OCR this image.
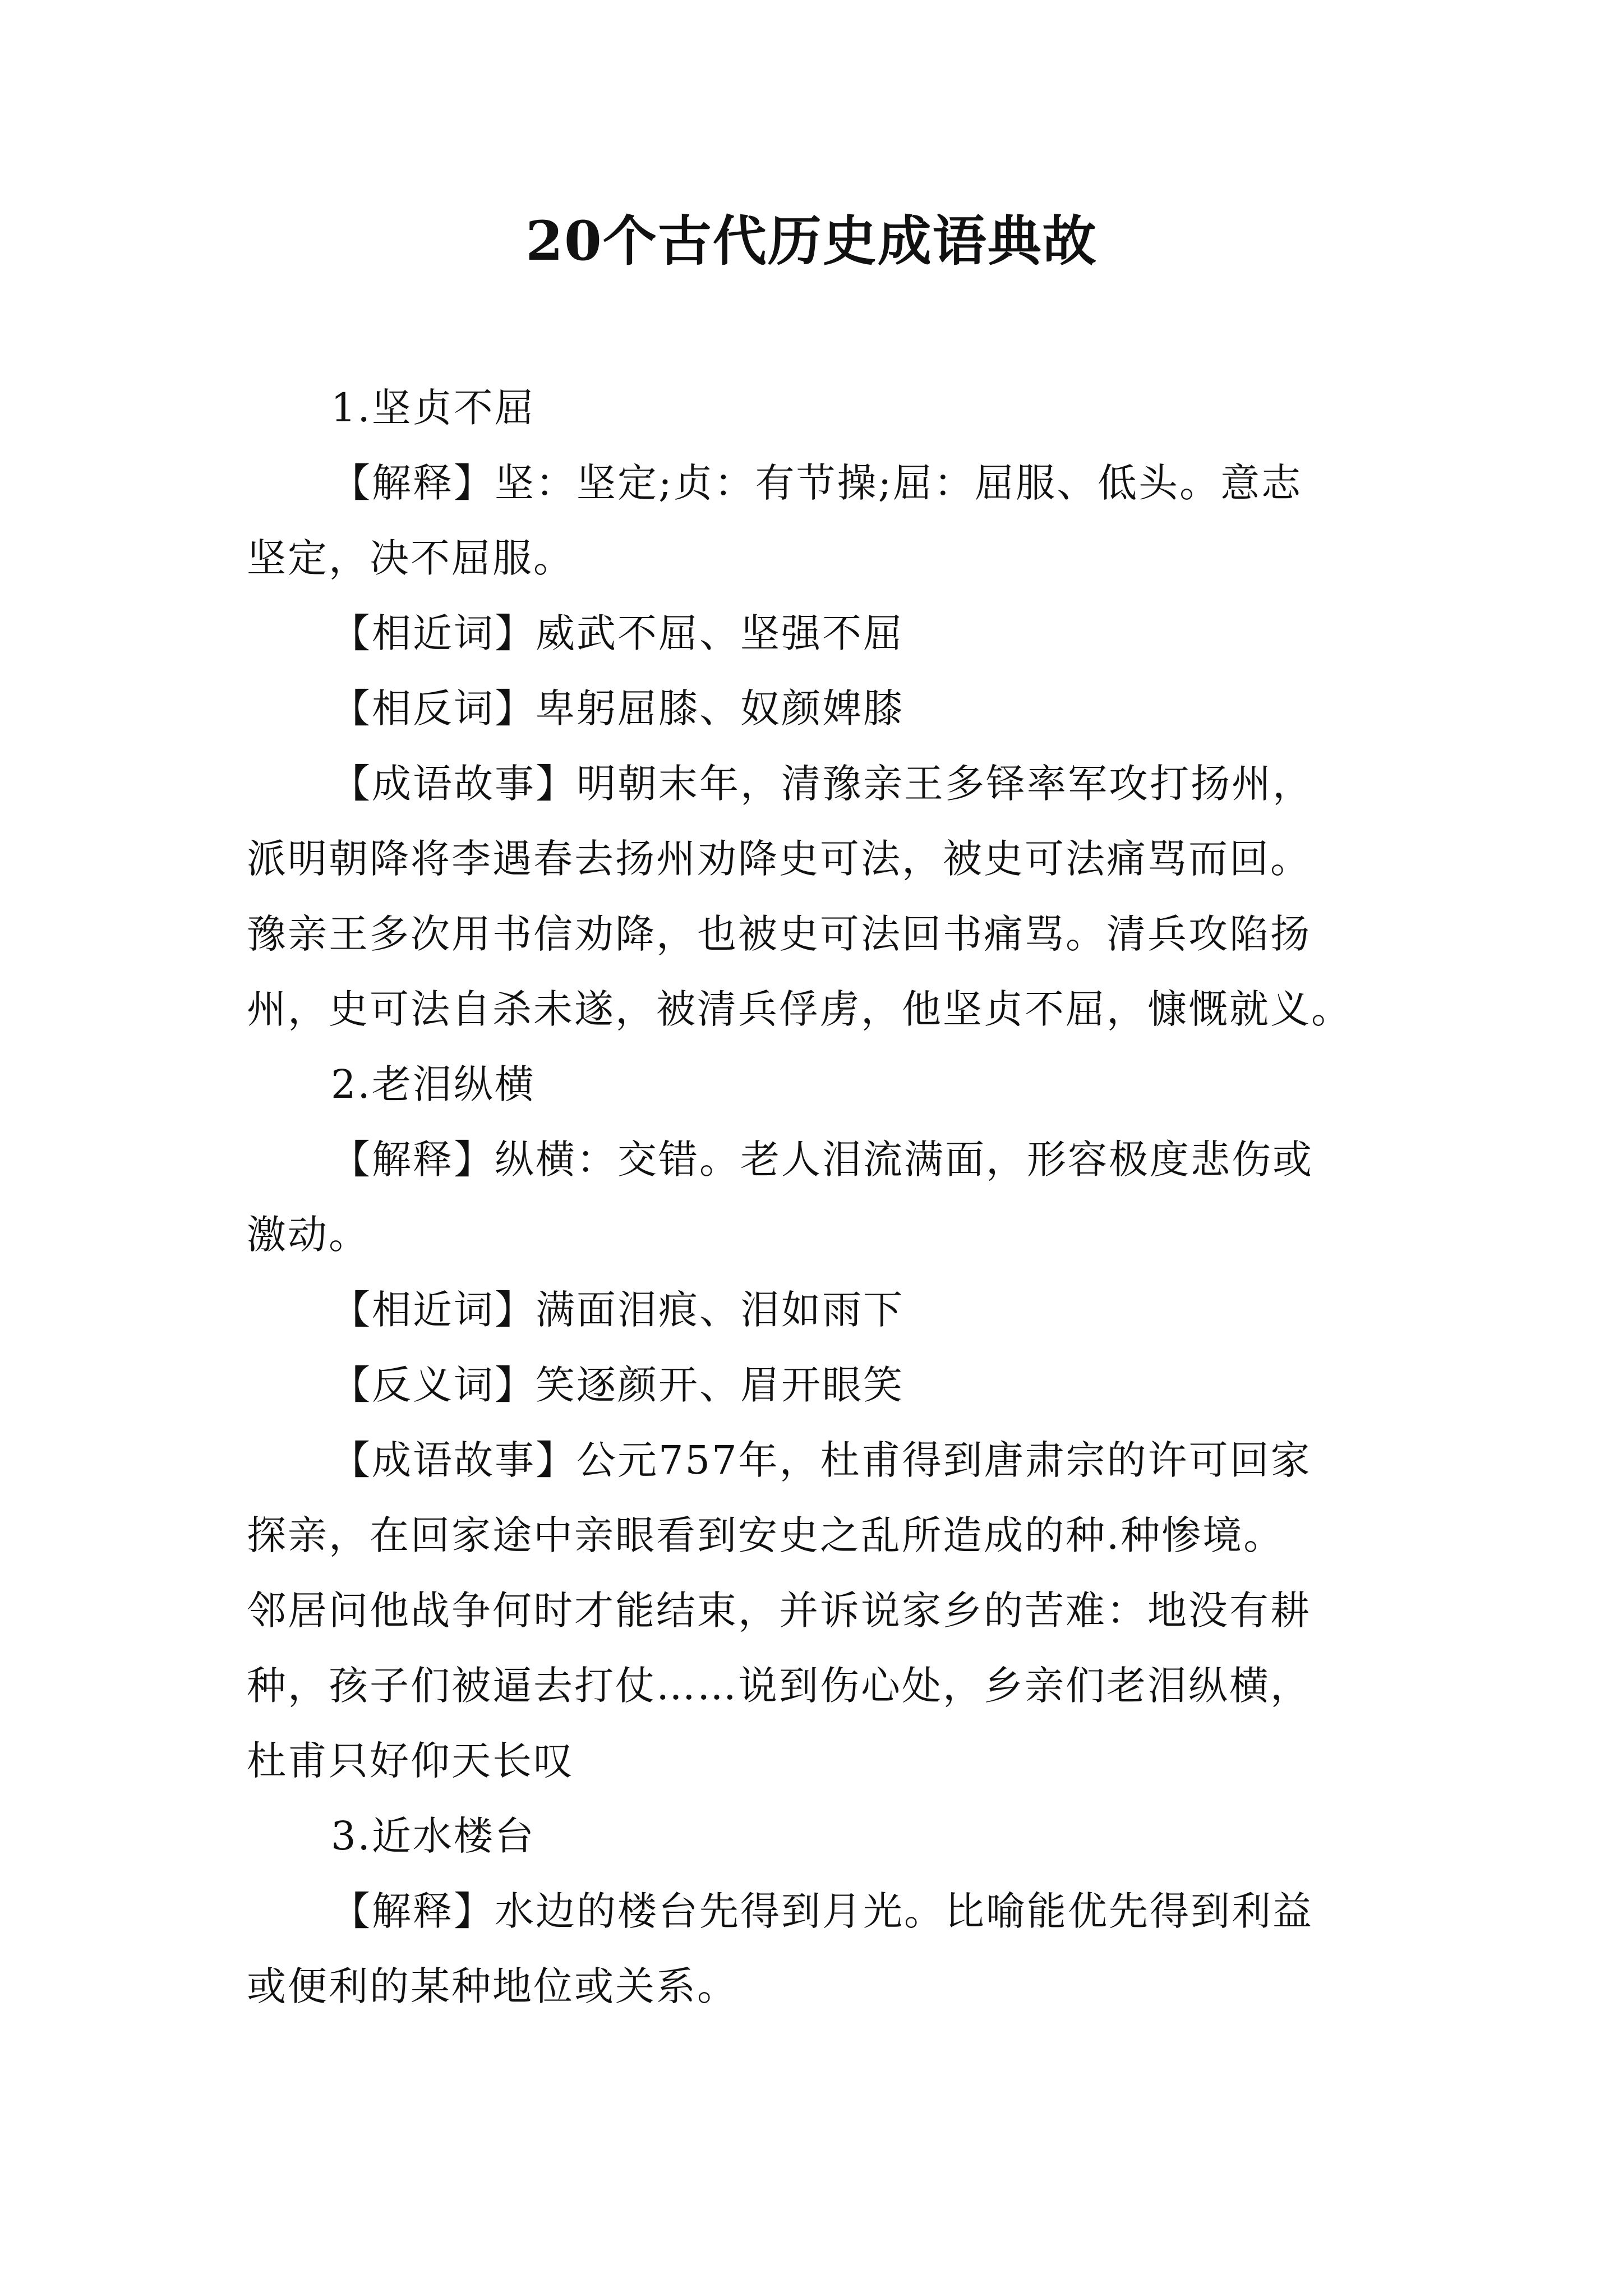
20个古代历史成语典故
1.坚贞不屈
【解释】坚：坚定;贞：有节操;屈：屈服、低头。意志
坚定，决不屈服。
【相近词】威武不屈、坚强不屈
【相反词】卑躬屈膝、奴颜婢膝
【成语故事】明朝末年，清豫亲王多铎率军攻打扬州，
派明朝降将李遇春去扬州劝降史可法，被史可法痛骂而回。
豫亲王多次用书信劝降，也被史可法回书痛骂。清兵攻陷扬
州，史可法自杀未遂，被清兵俘虏，他坚贞不屈，慷慨就义。
2.老泪纵横
【解释】纵横：交错。老人泪流满面，形容极度悲伤或
激动。
【相近词】满面泪痕、泪如雨下
【反义词】笑逐颜开、眉开眼笑
【成语故事】公元757年，杜甫得到唐肃宗的许可回家
探亲，在回家途中亲眼看到安史之乱所造成的种.种惨境。
邻居问他战争何时才能结束，并诉说家乡的苦难：地没有耕
种，孩子们被逼去打仗……说到伤心处，乡亲们老泪纵横，
杜甫只好仰天长叹
3.近水楼台
【解释】水边的楼台先得到月光。比喻能优先得到利益
或便利的某种地位或关系。
